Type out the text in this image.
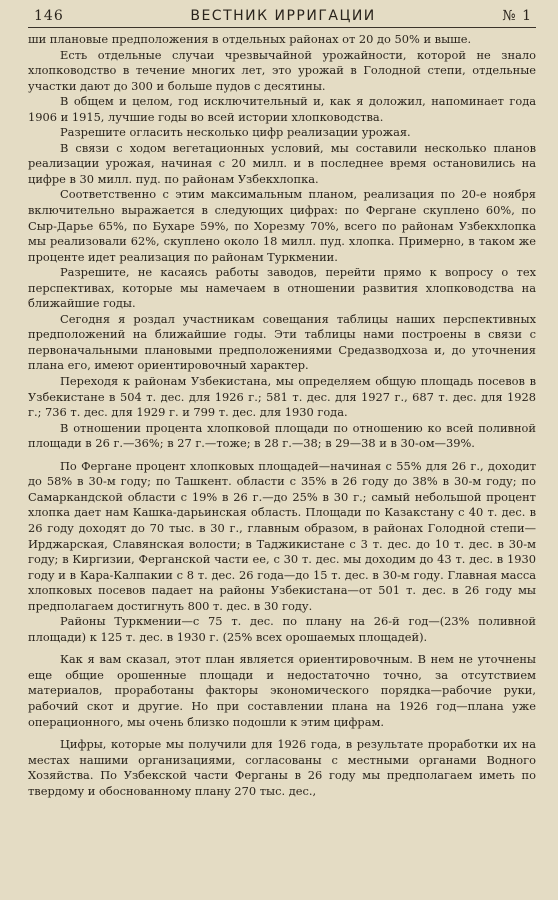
146	ВЕСТНИК ИРРИГАЦИИ	№ 1

ши плановые предположения в отдельных районах от 20 до 50% и выше.

Есть отдельные случаи чрезвычайной урожайности, которой не знало хлопководство в течение многих лет, это урожай в Голодной степи, отдельные участки дают до 300 и больше пудов с десятины.

В общем и целом, год исключительный и, как я доложил, напоминает года 1906 и 1915, лучшие годы во всей истории хлопководства.

Разрешите огласить несколько цифр реализации урожая.

В связи с ходом вегетационных условий, мы составили несколько планов реализации урожая, начиная с 20 милл. и в последнее время остановились на цифре в 30 милл. пуд. по районам Узбекхлопка.

Соответственно с этим максимальным планом, реализация по 20-е ноября включительно выражается в следующих цифрах: по Фергане скуплено 60%, по Сыр-Дарье 65%, по Бухаре 59%, по Хорезму 70%, всего по районам Узбекхлопка мы реализовали 62%, скуплено около 18 милл. пуд. хлопка. Примерно, в таком же проценте идет реализация по районам Туркмении.

Разрешите, не касаясь работы заводов, перейти прямо к вопросу о тех перспективах, которые мы намечаем в отношении развития хлопководства на ближайшие годы.

Сегодня я роздал участникам совещания таблицы наших перспективных предположений на ближайшие годы. Эти таблицы нами построены в связи с первоначальными плановыми предположениями Средазводхоза и, до уточнения плана его, имеют ориентировочный характер.

Переходя к районам Узбекистана, мы определяем общую площадь посевов в Узбекистане в 504 т. дес. для 1926 г.; 581 т. дес. для 1927 г., 687 т. дес. для 1928 г.; 736 т. дес. для 1929 г. и 799 т. дес. для 1930 года.

В отношении процента хлопковой площади по отношению ко всей поливной площади в 26 г.—36%; в 27 г.—тоже; в 28 г.—38; в 29—38 и в 30-ом—39%.

По Фергане процент хлопковых площадей—начиная с 55% для 26 г., доходит до 58% в 30-м году; по Ташкент. области с 35% в 26 году до 38% в 30-м году; по Самаркандской области с 19% в 26 г.—до 25% в 30 г.; самый небольшой процент хлопка дает нам Кашка-дарьинская область. Площади по Казакстану с 40 т. дес. в 26 году доходят до 70 тыс. в 30 г., главным образом, в районах Голодной степи—Ирджарская, Славянская волости; в Таджикистане с 3 т. дес. до 10 т. дес. в 30-м году; в Киргизии, Ферганской части ее, с 30 т. дес. мы доходим до 43 т. дес. в 1930 году и в Кара-Калпакии с 8 т. дес. 26 года—до 15 т. дес. в 30-м году. Главная масса хлопковых посевов падает на районы Узбекистана—от 501 т. дес. в 26 году мы предполагаем достигнуть 800 т. дес. в 30 году.

Районы Туркмении—с 75 т. дес. по плану на 26-й год—(23% поливной площади) к 125 т. дес. в 1930 г. (25% всех орошаемых площадей).

Как я вам сказал, этот план является ориентировочным. В нем не уточнены еще общие орошенные площади и недостаточно точно, за отсутствием материалов, проработаны факторы экономического порядка—рабочие руки, рабочий скот и другие. Но при составлении плана на 1926 год—плана уже операционного, мы очень близко подошли к этим цифрам.

Цифры, которые мы получили для 1926 года, в результате проработки их на местах нашими организациями, согласованы с местными органами Водного Хозяйства. По Узбекской части Ферганы в 26 году мы предполагаем иметь по твердому и обоснованному плану 270 тыс. дес.,
